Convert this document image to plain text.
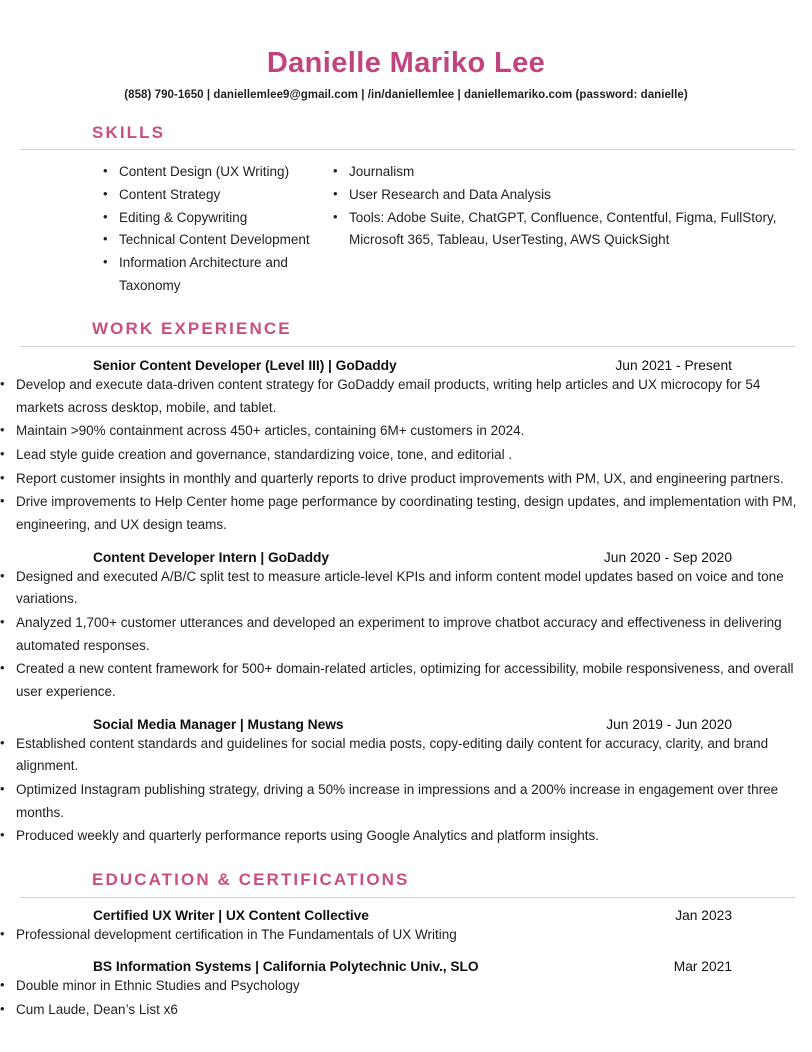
Danielle Mariko Lee
(858) 790-1650 | daniellemlee9@gmail.com | /in/daniellemlee | daniellemariko.com (password: danielle)
SKILLS
• Content Design (UX Writing)
• Content Strategy
• Editing & Copywriting
• Technical Content Development
• Information Architecture and Taxonomy
• Journalism
• User Research and Data Analysis
• Tools: Adobe Suite, ChatGPT, Confluence, Contentful, Figma, FullStory, Microsoft 365, Tableau, UserTesting, AWS QuickSight
WORK EXPERIENCE
Senior Content Developer (Level III) | GoDaddy	Jun 2021 - Present
• Develop and execute data-driven content strategy for GoDaddy email products, writing help articles and UX microcopy for 54 markets across desktop, mobile, and tablet.
• Maintain >90% containment across 450+ articles, containing 6M+ customers in 2024.
• Lead style guide creation and governance, standardizing voice, tone, and editorial .
• Report customer insights in monthly and quarterly reports to drive product improvements with PM, UX, and engineering partners.
• Drive improvements to Help Center home page performance by coordinating testing, design updates, and implementation with PM, engineering, and UX design teams.
Content Developer Intern | GoDaddy	Jun 2020 - Sep 2020
• Designed and executed A/B/C split test to measure article-level KPIs and inform content model updates based on voice and tone variations.
• Analyzed 1,700+ customer utterances and developed an experiment to improve chatbot accuracy and effectiveness in delivering automated responses.
• Created a new content framework for 500+ domain-related articles, optimizing for accessibility, mobile responsiveness, and overall user experience.
Social Media Manager | Mustang News	Jun 2019 - Jun 2020
• Established content standards and guidelines for social media posts, copy-editing daily content for accuracy, clarity, and brand alignment.
• Optimized Instagram publishing strategy, driving a 50% increase in impressions and a 200% increase in engagement over three months.
• Produced weekly and quarterly performance reports using Google Analytics and platform insights.
EDUCATION & CERTIFICATIONS
Certified UX Writer | UX Content Collective	Jan 2023
• Professional development certification in The Fundamentals of UX Writing
BS Information Systems | California Polytechnic Univ., SLO	Mar 2021
• Double minor in Ethnic Studies and Psychology
• Cum Laude, Dean’s List x6
